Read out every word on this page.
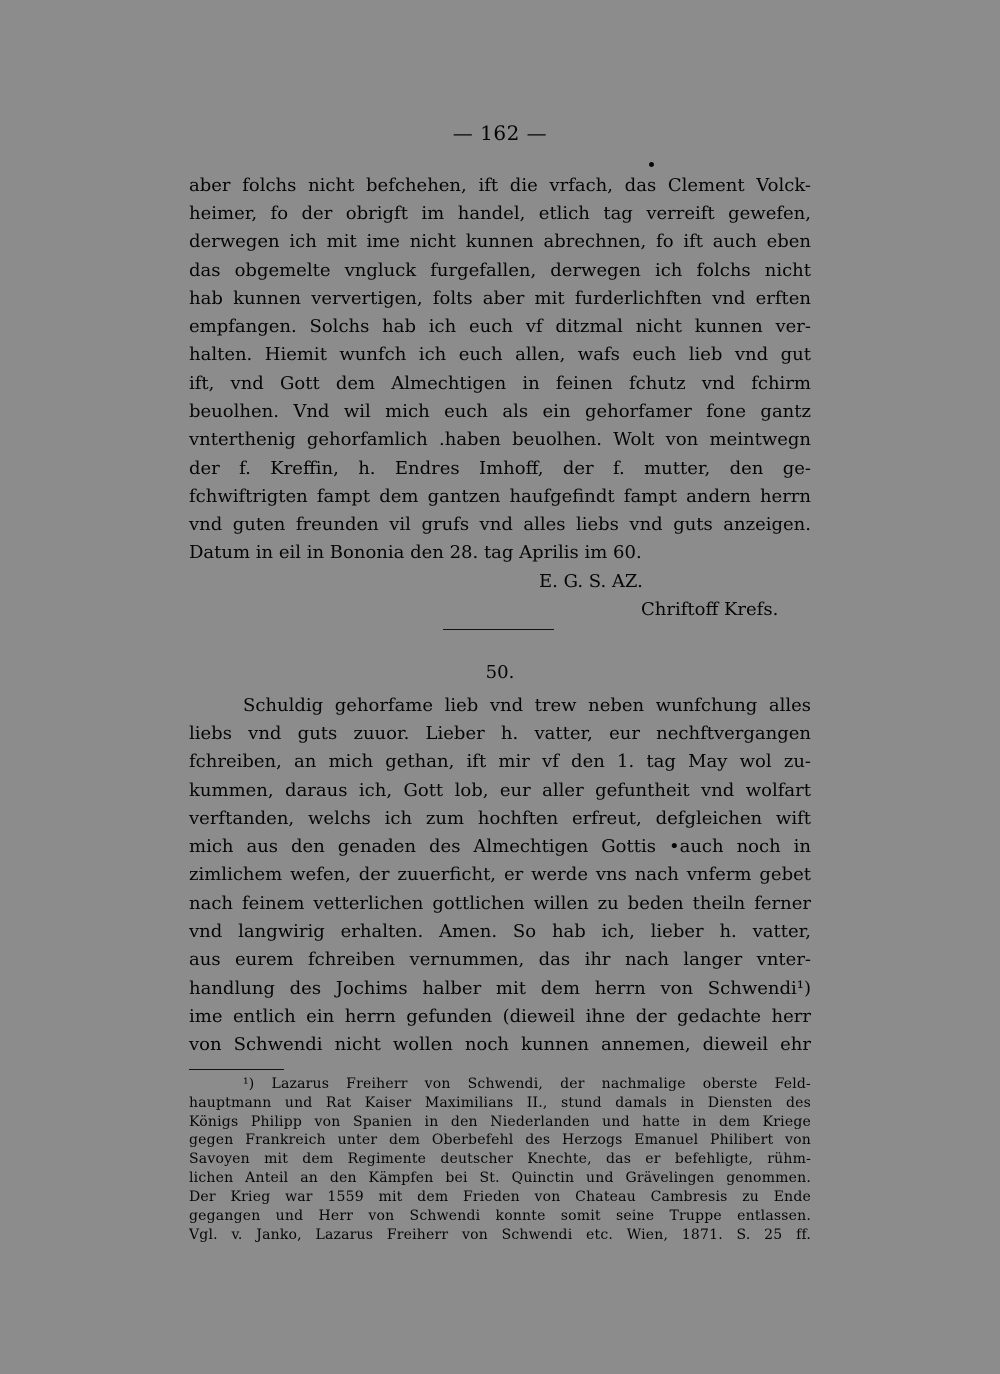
— 162 —
aber folchs nicht befchehen, ift die vrfach, das Clement Volck-
heimer, fo der obrigft im handel, etlich tag verreift gewefen,
derwegen ich mit ime nicht kunnen abrechnen, fo ift auch eben
das obgemelte vngluck furgefallen, derwegen ich folchs nicht
hab kunnen ververtigen, folts aber mit furderlichften vnd erften
empfangen. Solchs hab ich euch vf ditzmal nicht kunnen ver-
halten. Hiemit wunfch ich euch allen, wafs euch lieb vnd gut
ift, vnd Gott dem Almechtigen in feinen fchutz vnd fchirm
beuolhen. Vnd wil mich euch als ein gehorfamer fone gantz
vnterthenig gehorfamlich .haben beuolhen. Wolt von meintwegn
der f. Kreffin, h. Endres Imhoff, der f. mutter, den ge-
fchwiftrigten fampt dem gantzen haufgefindt fampt andern herrn
vnd guten freunden vil grufs vnd alles liebs vnd guts anzeigen.
Datum in eil in Bononia den 28. tag Aprilis im 60.
E. G. S. AZ.
Chriftoff Krefs.
50.
Schuldig gehorfame lieb vnd trew neben wunfchung alles
liebs vnd guts zuuor. Lieber h. vatter, eur nechftvergangen
fchreiben, an mich gethan, ift mir vf den 1. tag May wol zu-
kummen, daraus ich, Gott lob, eur aller gefuntheit vnd wolfart
verftanden, welchs ich zum hochften erfreut, defgleichen wift
mich aus den genaden des Almechtigen Gottis •auch noch in
zimlichem wefen, der zuuerficht, er werde vns nach vnferm gebet
nach feinem vetterlichen gottlichen willen zu beden theiln ferner
vnd langwirig erhalten. Amen. So hab ich, lieber h. vatter,
aus eurem fchreiben vernummen, das ihr nach langer vnter-
handlung des Jochims halber mit dem herrn von Schwendi¹)
ime entlich ein herrn gefunden (dieweil ihne der gedachte herr
von Schwendi nicht wollen noch kunnen annemen, dieweil ehr
¹) Lazarus Freiherr von Schwendi, der nachmalige oberste Feld-
hauptmann und Rat Kaiser Maximilians II., stund damals in Diensten des
Königs Philipp von Spanien in den Niederlanden und hatte in dem Kriege
gegen Frankreich unter dem Oberbefehl des Herzogs Emanuel Philibert von
Savoyen mit dem Regimente deutscher Knechte, das er befehligte, rühm-
lichen Anteil an den Kämpfen bei St. Quinctin und Grävelingen genommen.
Der Krieg war 1559 mit dem Frieden von Chateau Cambresis zu Ende
gegangen und Herr von Schwendi konnte somit seine Truppe entlassen.
Vgl. v. Janko, Lazarus Freiherr von Schwendi etc. Wien, 1871. S. 25 ff.
